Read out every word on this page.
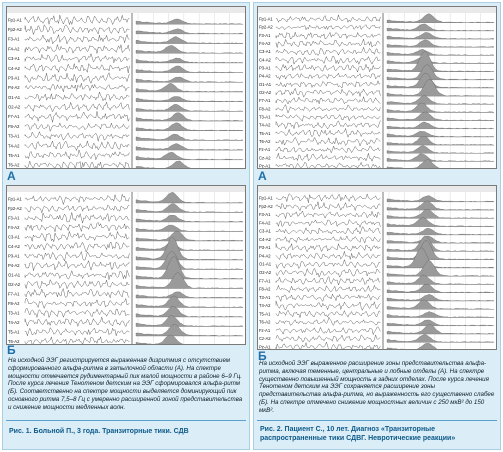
Fp1-A1
Fp2-A2
F3-A1
F4-A2
C3-A1
C4-A2
P3-A1
P4-A2
O1-A1
O2-A2
F7-A1
F8-A2
T3-A1
T4-A2
T5-A1
T6-A2
А
Fp1-A1
Fp2-A2
F3-A1
F4-A2
C3-A1
C4-A2
P3-A1
P4-A2
O1-A1
O2-A2
F7-A1
F8-A2
T3-A1
T4-A2
T5-A1
T6-A2
Б
На исходной ЭЭГ регистрируется выраженная дизритмия с отсутствием сформированного альфа-ритма в затылочной области (А). На спектре мощности отмечается рудиментарный пик малой мощности в районе 6–9 Гц. После курса лечения Тенотеном детским на ЭЭГ сформировался альфа-ритм (Б). Соответственно на спектре мощности выделяется доминирующий пик основного ритма 7,5–8 Гц с умеренно расширенной зоной представительства и снижение мощности медленных волн.
Рис. 1. Больной П., 3 года. Транзиторные тики. СДВ
Fp1-A1
Fp2-A2
F3-A1
F4-A2
C3-A1
C4-A2
P3-A1
P4-A2
O1-A1
O2-A2
F7-A1
F8-A2
T3-A1
T4-A2
T5-A1
T6-A2
Fz-A1
Cz-A2
Pz-A1
А
Fp1-A1
Fp2-A2
F3-A1
F4-A2
C3-A1
C4-A2
P3-A1
P4-A2
O1-A1
O2-A2
F7-A1
F8-A2
T3-A1
T4-A2
T5-A1
T6-A2
Fz-A1
Cz-A2
Pz-A1
Б
На исходной ЭЭГ выраженное расширение зоны представительства альфа-ритма, включая теменные, центральные и лобные отделы (А). На спектре существенно повышенный мощность в задних отделах. После курса лечения Тенотеном детским на ЭЭГ сохраняется расширение зоны представительства альфа-ритма, но выраженность его существенно слабее (Б). На спектре отмечено снижение мощностных величин с 250 мкВ² до 150 мкВ².
Рис. 2. Пациент С., 10 лет. Диагноз «Транзиторные распространенные тики СДВГ. Невротические реакции»
